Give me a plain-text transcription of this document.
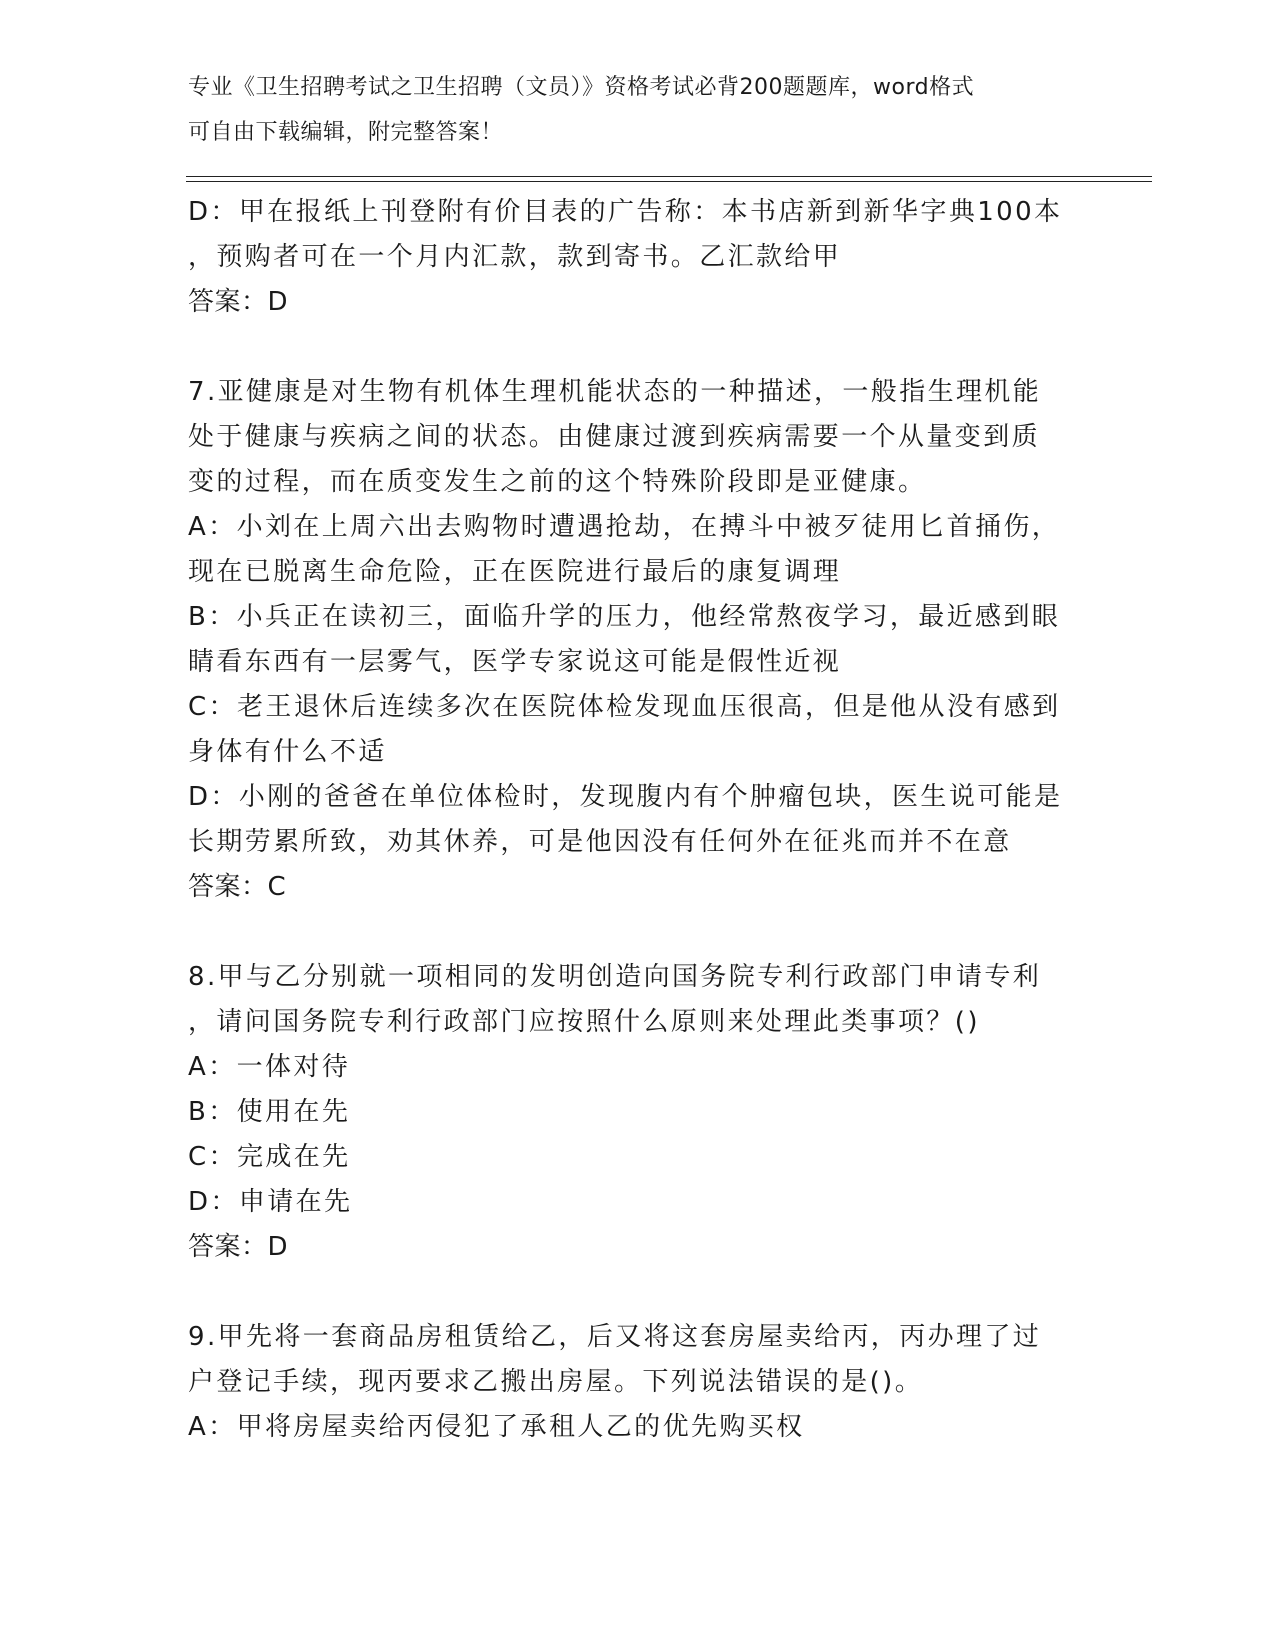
专业《卫生招聘考试之卫生招聘（文员）》资格考试必背200题题库，word格式
可自由下载编辑，附完整答案！
D：甲在报纸上刊登附有价目表的广告称：本书店新到新华字典100本
，预购者可在一个月内汇款，款到寄书。乙汇款给甲
答案：D
7.亚健康是对生物有机体生理机能状态的一种描述，一般指生理机能
处于健康与疾病之间的状态。由健康过渡到疾病需要一个从量变到质
变的过程，而在质变发生之前的这个特殊阶段即是亚健康。
A：小刘在上周六出去购物时遭遇抢劫，在搏斗中被歹徒用匕首捅伤，
现在已脱离生命危险，正在医院进行最后的康复调理
B：小兵正在读初三，面临升学的压力，他经常熬夜学习，最近感到眼
睛看东西有一层雾气，医学专家说这可能是假性近视
C：老王退休后连续多次在医院体检发现血压很高，但是他从没有感到
身体有什么不适
D：小刚的爸爸在单位体检时，发现腹内有个肿瘤包块，医生说可能是
长期劳累所致，劝其休养，可是他因没有任何外在征兆而并不在意
答案：C
8.甲与乙分别就一项相同的发明创造向国务院专利行政部门申请专利
，请问国务院专利行政部门应按照什么原则来处理此类事项？()
A：一体对待
B：使用在先
C：完成在先
D：申请在先
答案：D
9.甲先将一套商品房租赁给乙，后又将这套房屋卖给丙，丙办理了过
户登记手续，现丙要求乙搬出房屋。下列说法错误的是()。
A：甲将房屋卖给丙侵犯了承租人乙的优先购买权
